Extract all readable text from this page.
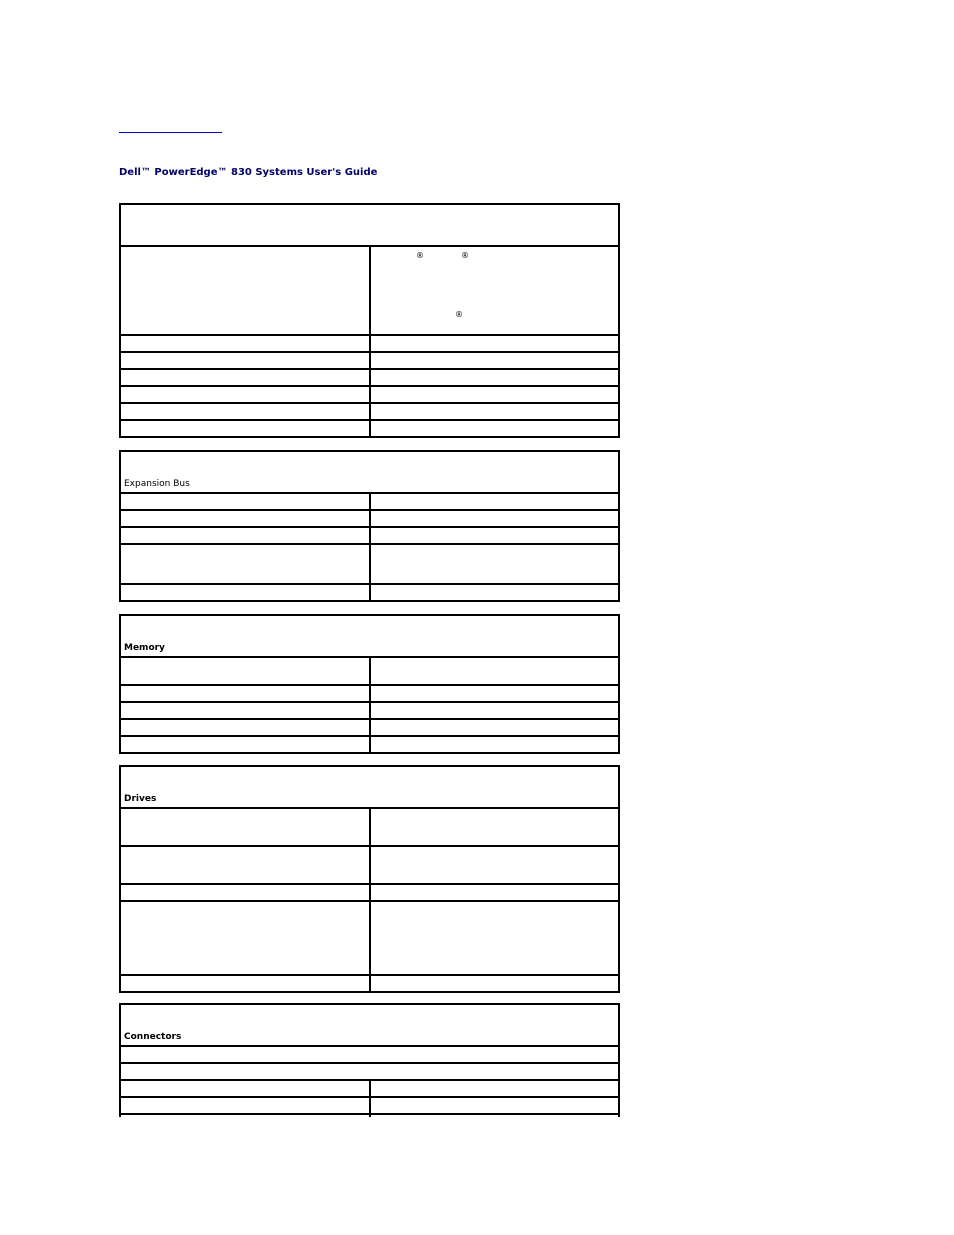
Dell™ PowerEdge™ 830 Systems User's Guide
®	®
®
Expansion Bus
Memory
Drives
Connectors
